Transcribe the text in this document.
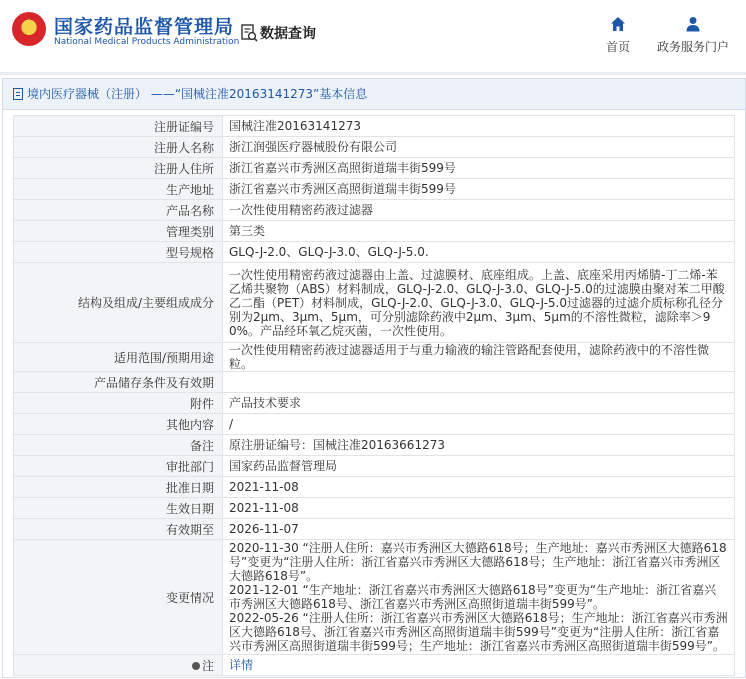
国家药品监督管理局
National Medical Products Administration 数据查询
首页	政务服务门户
境内医疗器械（注册） ——“国械注准20163141273”基本信息
注册证编号	国械注准20163141273
注册人名称	浙江润强医疗器械股份有限公司
注册人住所	浙江省嘉兴市秀洲区高照街道瑞丰街599号
生产地址	浙江省嘉兴市秀洲区高照街道瑞丰街599号
产品名称	一次性使用精密药液过滤器
管理类别	第三类
型号规格	GLQ-J-2.0、GLQ-J-3.0、GLQ-J-5.0.
结构及组成/主要组成成分	一次性使用精密药液过滤器由上盖、过滤膜材、底座组成。上盖、底座采用丙烯腈-丁二烯-苯乙烯共聚物（ABS）材料制成，GLQ-J-2.0、GLQ-J-3.0、GLQ-J-5.0的过滤膜由聚对苯二甲酸乙二酯（PET）材料制成，GLQ-J-2.0、GLQ-J-3.0、GLQ-J-5.0过滤器的过滤介质标称孔径分别为2μm、3μm、5μm，可分别滤除药液中2μm、3μm、5μm的不溶性微粒，滤除率＞90%。产品经环氧乙烷灭菌，一次性使用。
适用范围/预期用途	一次性使用精密药液过滤器适用于与重力输液的输注管路配套使用，滤除药液中的不溶性微粒。
产品储存条件及有效期	
附件	产品技术要求
其他内容	/
备注	原注册证编号：国械注准20163661273
审批部门	国家药品监督管理局
批准日期	2021-11-08
生效日期	2021-11-08
有效期至	2026-11-07
变更情况	2020-11-30 “注册人住所：嘉兴市秀洲区大德路618号；生产地址：嘉兴市秀洲区大德路618号”变更为“注册人住所：浙江省嘉兴市秀洲区大德路618号；生产地址：浙江省嘉兴市秀洲区大德路618号”。
2021-12-01 “生产地址：浙江省嘉兴市秀洲区大德路618号”变更为“生产地址：浙江省嘉兴市秀洲区大德路618号、浙江省嘉兴市秀洲区高照街道瑞丰街599号”。
2022-05-26 “注册人住所：浙江省嘉兴市秀洲区大德路618号；生产地址：浙江省嘉兴市秀洲区大德路618号、浙江省嘉兴市秀洲区高照街道瑞丰街599号”变更为“注册人住所：浙江省嘉兴市秀洲区高照街道瑞丰街599号；生产地址：浙江省嘉兴市秀洲区高照街道瑞丰街599号”。
注	详情
